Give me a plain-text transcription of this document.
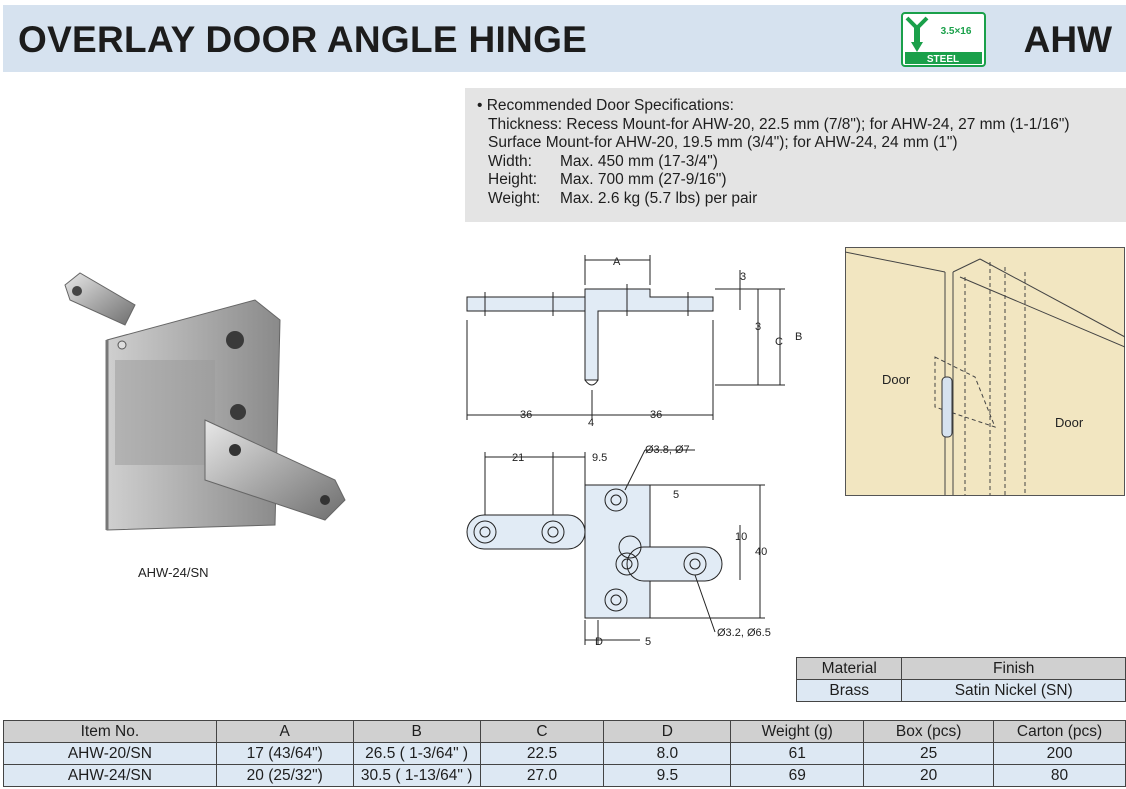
OVERLAY DOOR ANGLE HINGE	3.5×16
STEEL AHW
• Recommended Door Specifications:
Thickness: Recess Mount-for AHW-20, 22.5 mm (7/8"); for AHW-24, 27 mm (1-1/16")
Surface Mount-for AHW-20, 19.5 mm (3/4"); for AHW-24, 24 mm (1")
Width:	Max. 450 mm (17-3/4")
Height:	Max. 700 mm (27-9/16")
Weight:	Max. 2.6 kg (5.7 lbs) per pair
AHW-24/SN
A
3
3
C B
36
4
36
21	9.5
Ø3.8, Ø7
5
10
40
D	5
Ø3.2, Ø6.5
Door
Door
Material	Finish
Brass	Satin Nickel (SN)
Item No.	A	B	C	D	Weight (g)	Box (pcs)	Carton (pcs)
AHW-20/SN	17 (43/64")	26.5 ( 1-3/64" )	22.5	8.0	61	25	200
AHW-24/SN	20 (25/32")	30.5 ( 1-13/64" )	27.0	9.5	69	20	80
